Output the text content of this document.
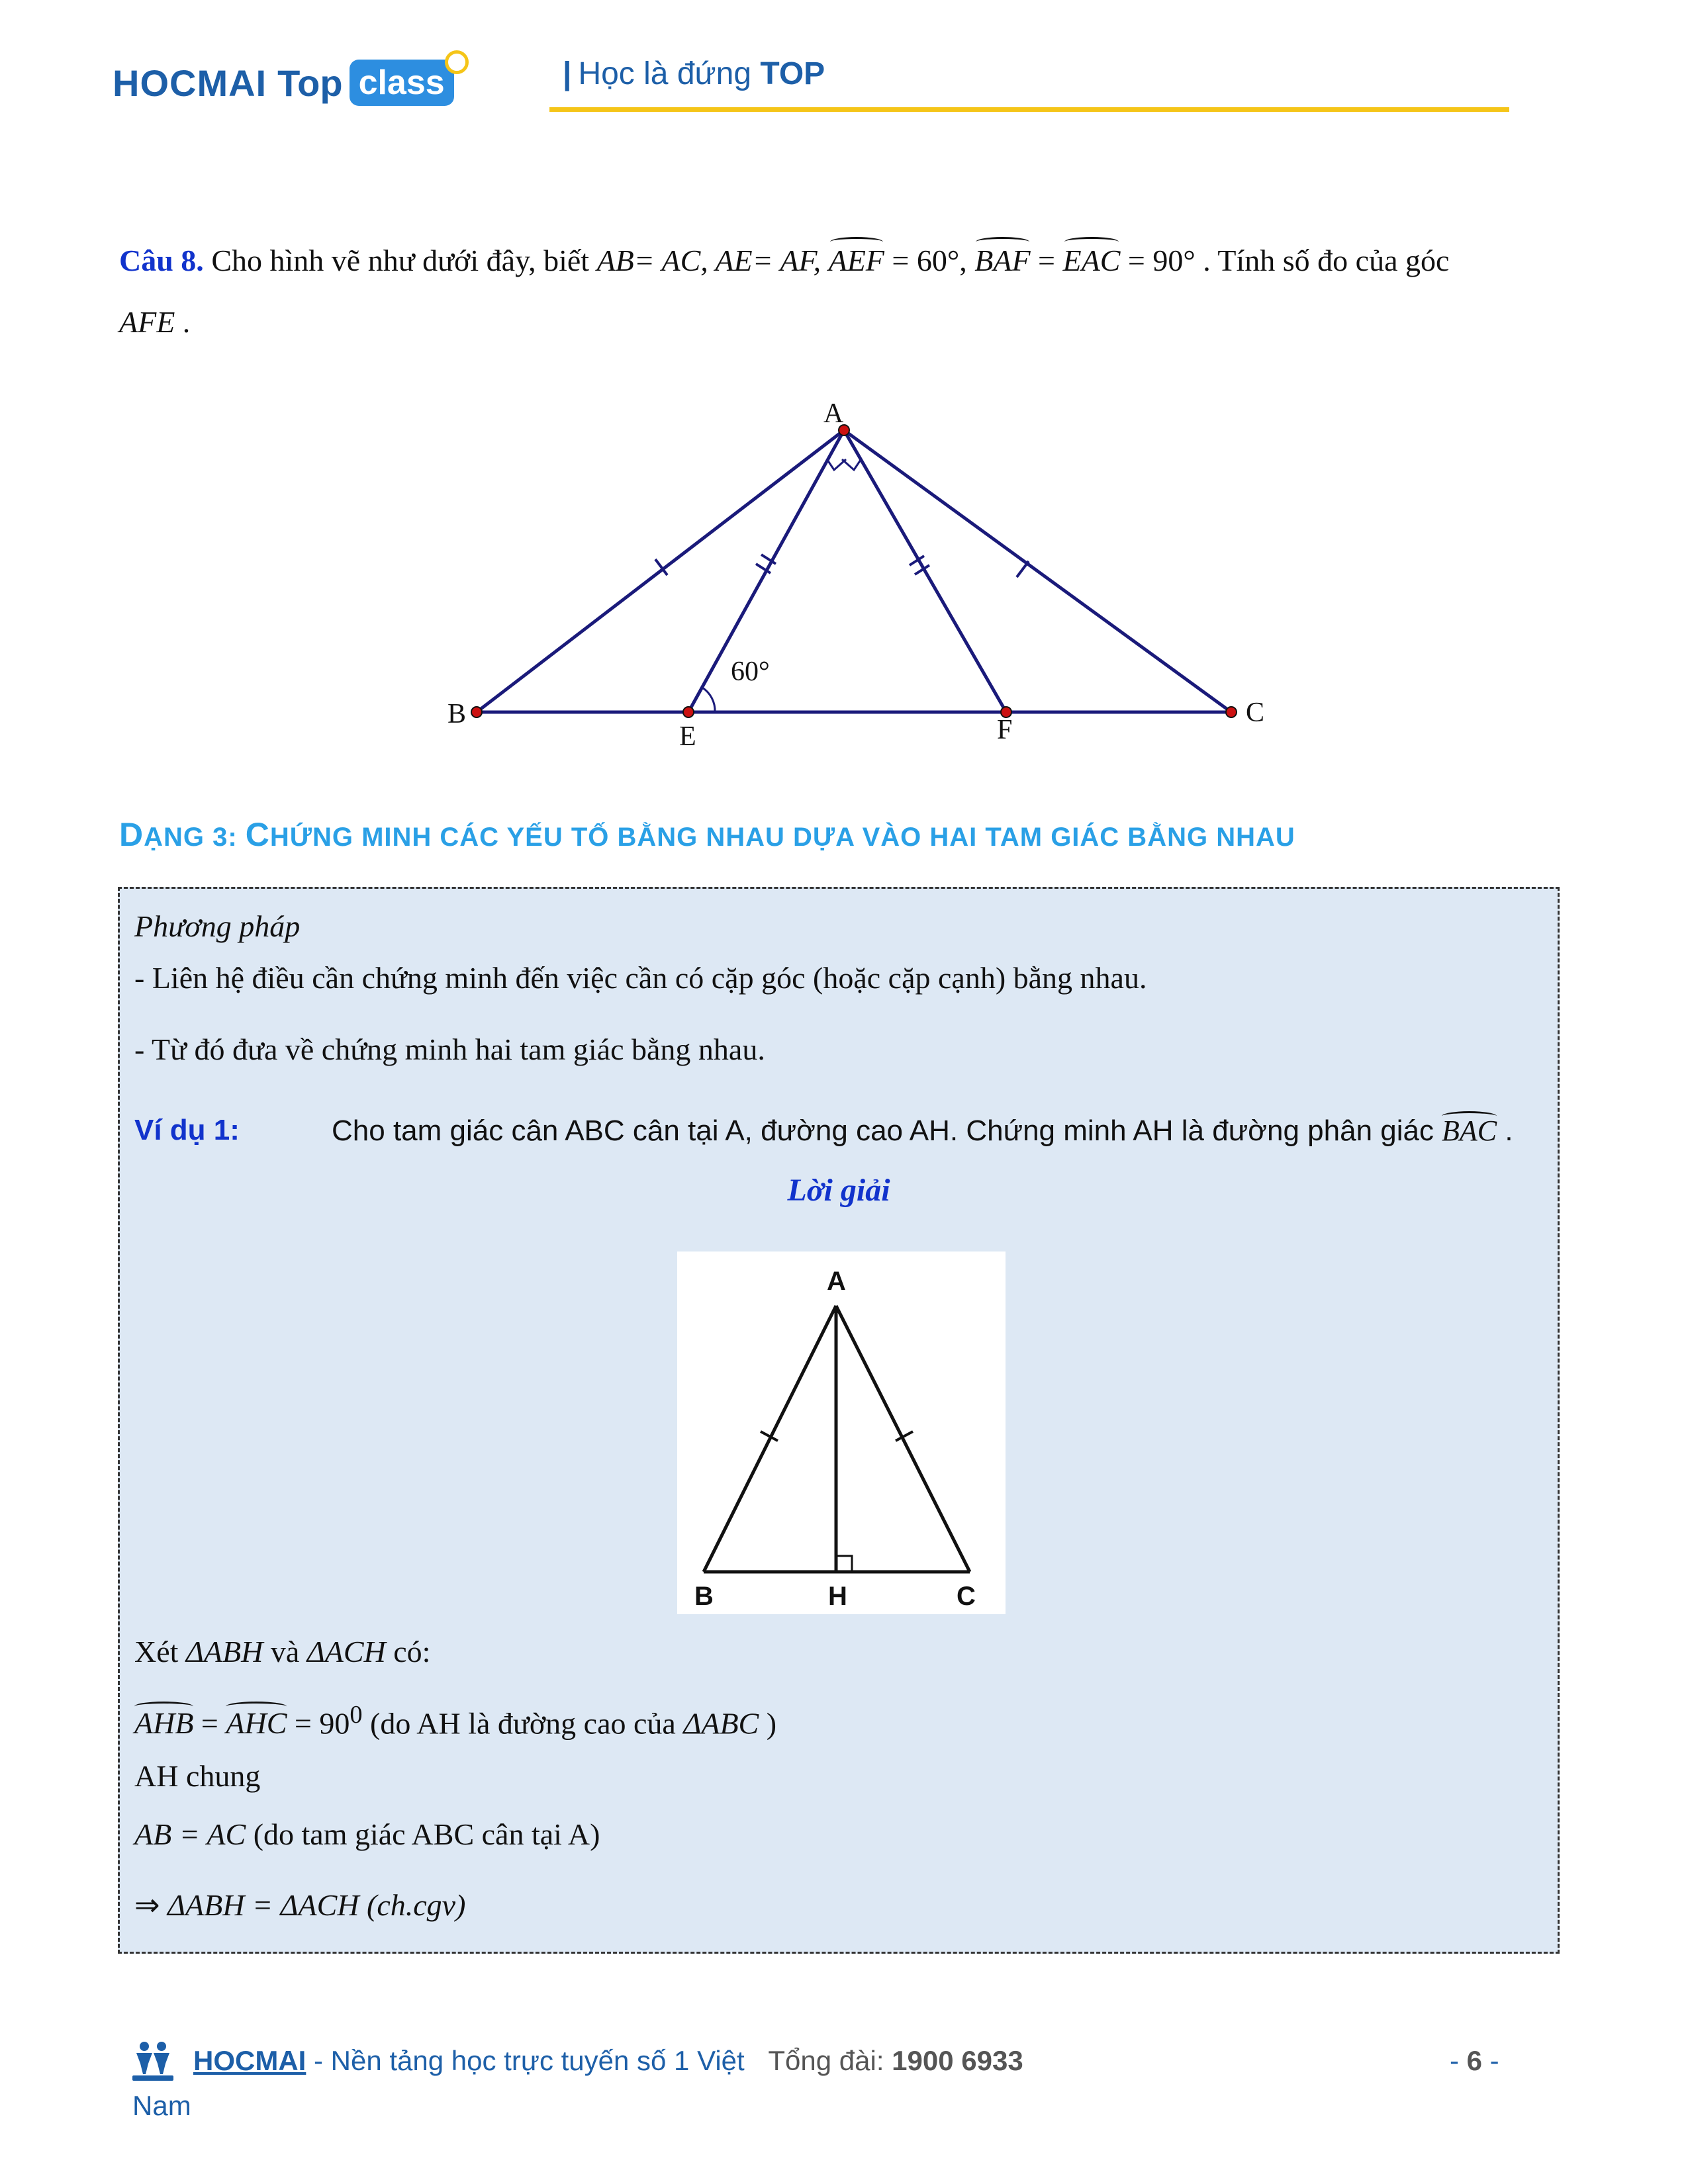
HOCMAI Top class	| Học là đứng TOP
Câu 8. Cho hình vẽ như dưới đây, biết AB= AC, AE= AF, AEF = 60°, BAF = EAC = 90° . Tính số đo của góc
AFE .
A
B
E	F
C
60°
DẠNG 3: CHỨNG MINH CÁC YẾU TỐ BẰNG NHAU DỰA VÀO HAI TAM GIÁC BẰNG NHAU
Phương pháp
- Liên hệ điều cần chứng minh đến việc cần có cặp góc (hoặc cặp cạnh) bằng nhau.
- Từ đó đưa về chứng minh hai tam giác bằng nhau.
Ví dụ 1:	Cho tam giác cân ABC cân tại A, đường cao AH. Chứng minh AH là đường phân giác BAC .
Lời giải
A
B	H	C
Xét ΔABH và ΔACH có:
AHB = AHC = $90^0$ (do AH là đường cao của ΔABC )
AH chung
AB = AC (do tam giác ABC cân tại A)
⇒ ΔABH = ΔACH (ch.cgv)
HOCMAI - Nền tảng học trực tuyến số 1 Việt Tổng đài: 1900 6933
Nam
- 6 -
